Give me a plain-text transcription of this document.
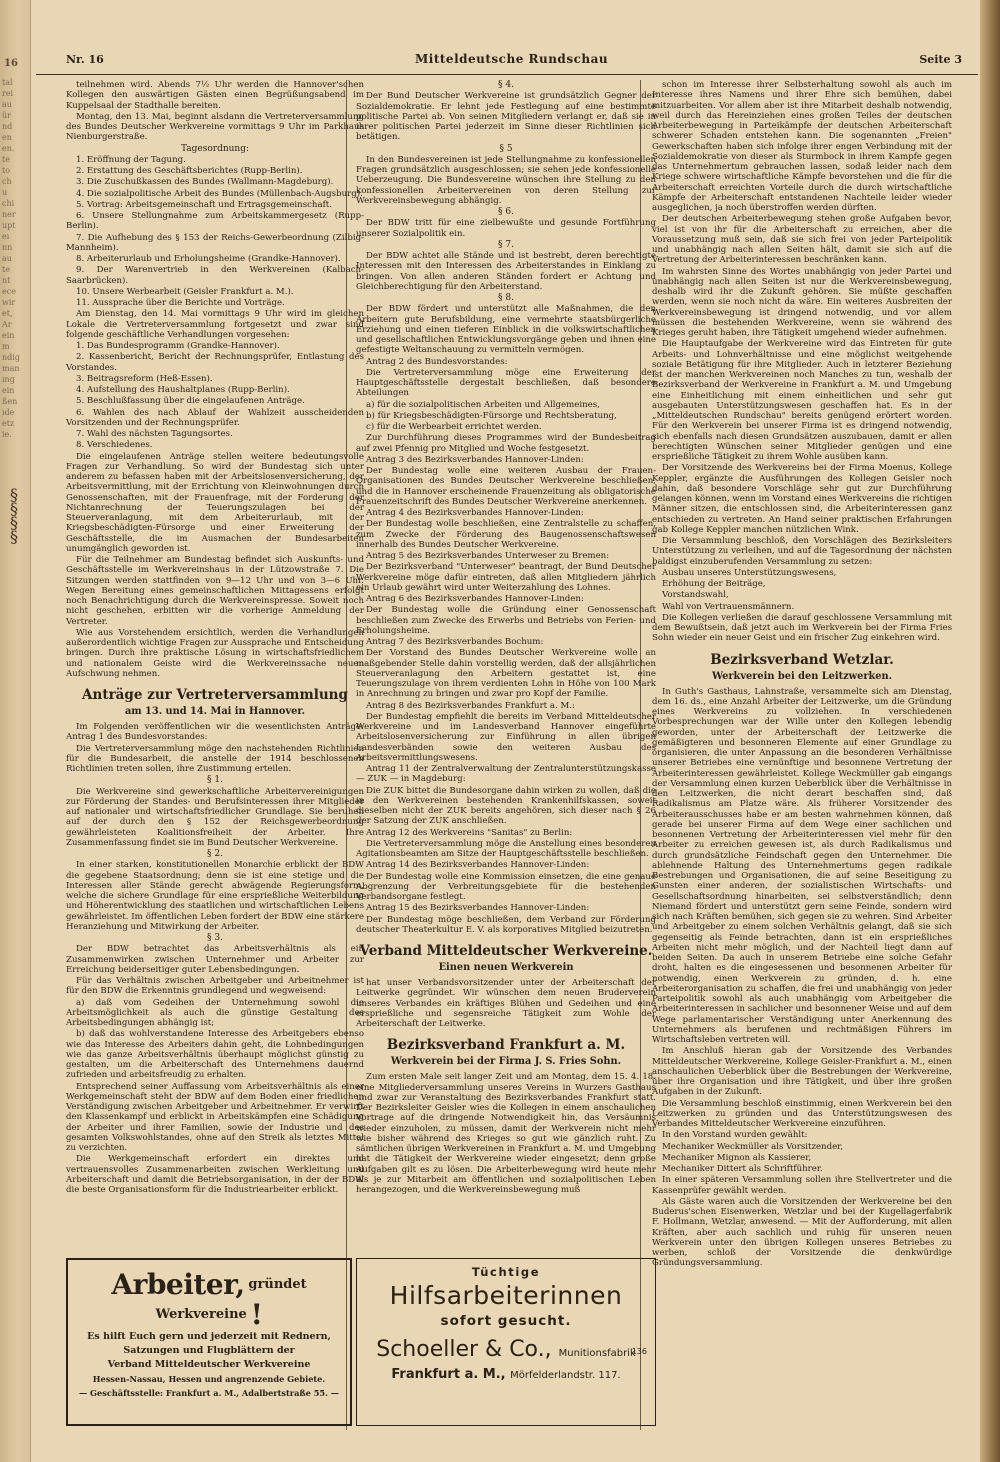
16
tal
rei
au
ür
nd
en
en.
te
to
ch
u
chi
ner
upt
eı
nn
au
te
nt
ece
wir
et,
Ar
ein
m
ndig
man
ıng
ein
ßen
ıde
etz
ie.
§
§
§
§
Nr. 16	Mitteldeutsche Rundschau	Seite 3

teilnehmen wird. Abends 7½ Uhr werden die Hannover'schen Kollegen den auswärtigen Gästen einen Begrüßungsabend im Kuppelsaal der Stadthalle bereiten.

Montag, den 13. Mai, beginnt alsdann die Vertreterversammlung des Bundes Deutscher Werkvereine vormittags 9 Uhr im Parkhaus Nienburgerstraße.

Tagesordnung:

1. Eröffnung der Tagung.

2. Erstattung des Geschäftsberichtes (Rupp-Berlin).

3. Die Zuschußkassen des Bundes (Wallmann-Magdeburg).

4. Die sozialpolitische Arbeit des Bundes (Müllenbach-Augsburg).

5. Vortrag: Arbeitsgemeinschaft und Ertragsgemeinschaft.

6. Unsere Stellungnahme zum Arbeitskammergesetz (Rupp-Berlin).

7. Die Aufhebung des § 153 der Reichs-Gewerbeordnung (Zilbig-Mannheim).

8. Arbeiterurlaub und Erholungsheime (Grandke-Hannover).

9. Der Warenvertrieb in den Werkvereinen (Kalbach-Saarbrücken).

10. Unsere Werbearbeit (Geisler Frankfurt a. M.).

11. Aussprache über die Berichte und Vorträge.

Am Dienstag, den 14. Mai vormittags 9 Uhr wird im gleichen Lokale die Vertreterversammlung fortgesetzt und zwar sind folgende geschäftliche Verhandlungen vorgesehen:

1. Das Bundesprogramm (Grandke-Hannover).

2. Kassenbericht, Bericht der Rechnungsprüfer, Entlastung des Vorstandes.

3. Beitragsreform (Heß-Essen).

4. Aufstellung des Haushaltplanes (Rupp-Berlin).

5. Beschlußfassung über die eingelaufenen Anträge.

6. Wahlen des nach Ablauf der Wahlzeit ausscheidenden Vorsitzenden und der Rechnungsprüfer.

7. Wahl des nächsten Tagungsortes.

8. Verschiedenes.

Die eingelaufenen Anträge stellen weitere bedeutungsvolle Fragen zur Verhandlung. So wird der Bundestag sich unter anderem zu befassen haben mit der Arbeitslosenversicherung, der Arbeitsvermittlung, mit der Errichtung von Kleinwohnungen durch Genossenschaften, mit der Frauenfrage, mit der Forderung der Nichtanrechnung der Teuerungszulagen bei der Steuerveranlagung, mit dem Arbeiterurlaub, mit der Kriegsbeschädigten-Fürsorge und einer Erweiterung der Geschäftsstelle, die im Ausmachen der Bundesarbeiten unumgänglich geworden ist.

Für die Teilnehmer am Bundestag befindet sich Auskunfts- und Geschäftsstelle im Werkvereinshaus in der Lützowstraße 7. Die Sitzungen werden stattfinden von 9—12 Uhr und von 3—6 Uhr. Wegen Bereitung eines gemeinschaftlichen Mittagessens erfolgt noch Benachrichtigung durch die Werkvereinspresse. Soweit noch nicht geschehen, erbitten wir die vorherige Anmeldung der Vertreter.

Wie aus Vorstehendem ersichtlich, werden die Verhandlungen außerordentlich wichtige Fragen zur Aussprache und Entscheidung bringen. Durch ihre praktische Lösung in wirtschaftsfriedlichem und nationalem Geiste wird die Werkvereinssache neuen Aufschwung nehmen.

Anträge zur Vertreterversammlung
am 13. und 14. Mai in Hannover.

Im Folgenden veröffentlichen wir die wesentlichsten Anträge: Antrag 1 des Bundesvorstandes:

Die Vertreterversammlung möge den nachstehenden Richtlinien für die Bundesarbeit, die anstelle der 1914 beschlossenen Richtlinien treten sollen, ihre Zustimmung erteilen.

§ 1.

Die Werkvereine sind gewerkschaftliche Arbeitervereinigungen zur Förderung der Standes- und Berufsinteressen ihrer Mitglieder auf nationaler und wirtschaftsfriedlicher Grundlage. Sie beruhen auf der durch den § 152 der Reichsgewerbeordnung gewährleisteten Koalitionsfreiheit der Arbeiter. Ihre Zusammenfassung findet sie im Bund Deutscher Werkvereine.

§ 2.

In einer starken, konstitutionellen Monarchie erblickt der BDW die gegebene Staatsordnung; denn sie ist eine stetige und die Interessen aller Stände gerecht abwägende Regierungsform, welche die sichere Grundlage für eine ersprießliche Weiterbildung und Höherentwicklung des staatlichen und wirtschaftlichen Lebens gewährleistet. Im öffentlichen Leben fordert der BDW eine stärkere Heranziehung und Mitwirkung der Arbeiter.

§ 3.

Der BDW betrachtet das Arbeitsverhältnis als ein Zusammenwirken zwischen Unternehmer und Arbeiter zur Erreichung beiderseitiger guter Lebensbedingungen.

Für das Verhältnis zwischen Arbeitgeber und Arbeitnehmer ist für den BDW die Erkenntnis grundlegend und wegweisend:

a) daß vom Gedeihen der Unternehmung sowohl die Arbeitsmöglichkeit als auch die günstige Gestaltung des Arbeitsbedingungen abhängig ist;

b) daß das wohlverstandene Interesse des Arbeitgebers ebenso wie das Interesse des Arbeiters dahin geht, die Lohnbedingungen wie das ganze Arbeitsverhältnis überhaupt möglichst günstig zu gestalten, um die Arbeiterschaft des Unternehmens dauernd zufrieden und arbeitsfreudig zu erhalten.

Entsprechend seiner Auffassung vom Arbeitsverhältnis als einer Werkgemeinschaft steht der BDW auf dem Boden einer friedlichen Verständigung zwischen Arbeitgeber und Arbeitnehmer. Er verwirft den Klassenkampf und erblickt in Arbeitskämpfen eine Schädigung der Arbeiter und ihrer Familien, sowie der Industrie und des gesamten Volkswohlstandes, ohne auf den Streik als letztes Mittel zu verzichten.

Die Werkgemeinschaft erfordert ein direktes und vertrauensvolles Zusammenarbeiten zwischen Werkleitung und Arbeiterschaft und damit die Betriebsorganisation, in der der BDW die beste Organisationsform für die Industriearbeiter erblickt.

§ 4.

Der Bund Deutscher Werkvereine ist grundsätzlich Gegner der Sozialdemokratie. Er lehnt jede Festlegung auf eine bestimmte politische Partei ab. Von seinen Mitgliedern verlangt er, daß sie in ihrer politischen Partei jederzeit im Sinne dieser Richtlinien sich betätigen.

§ 5

In den Bundesvereinen ist jede Stellungnahme zu konfessionellen Fragen grundsätzlich ausgeschlossen; sie sehen jede konfessionelle Ueberzeugung. Die Bundesvereine wünschen ihre Stellung zu den konfessionellen Arbeitervereinen von deren Stellung zur Werkvereinsbewegung abhängig.

§ 6.

Der BDW tritt für eine zielbewußte und gesunde Fortführung unserer Sozialpolitik ein.

§ 7.

Der BDW achtet alle Stände und ist bestrebt, deren berechtigte Interessen mit den Interessen des Arbeiterstandes in Einklang zu bringen. Von allen anderen Ständen fordert er Achtung und Gleichberechtigung für den Arbeiterstand.

§ 8.

Der BDW fördert und unterstützt alle Maßnahmen, die den Arbeitern gute Berufsbildung, eine vermehrte staatsbürgerliche Erziehung und einen tieferen Einblick in die volkswirtschaftlichen und gesellschaftlichen Entwicklungsvorgänge geben und ihnen eine gefestigte Weltanschauung zu vermitteln vermögen.

Antrag 2 des Bundesvorstandes:

Die Vertreterversammlung möge eine Erweiterung der Hauptgeschäftsstelle dergestalt beschließen, daß besondere Abteilungen

a) für die sozialpolitischen Arbeiten und Allgemeines,

b) für Kriegsbeschädigten-Fürsorge und Rechtsberatung,

c) für die Werbearbeit errichtet werden.

Zur Durchführung dieses Programmes wird der Bundesbeitrag auf zwei Pfennig pro Mitglied und Woche festgesetzt.

Antrag 3 des Bezirksverbandes Hannover-Linden:

Der Bundestag wolle eine weiteren Ausbau der Frauen-Organisationen des Bundes Deutscher Werkvereine beschließen, und die in Hannover erscheinende Frauenzeitung als obligatorische Frauenzeitschrift des Bundes Deutscher Werkvereine anerkennen.

Antrag 4 des Bezirksverbandes Hannover-Linden:

Der Bundestag wolle beschließen, eine Zentralstelle zu schaffen, zum Zwecke der Förderung des Baugenossenschaftswesen innerhalb des Bundes Deutscher Werkvereine.

Antrag 5 des Bezirksverbandes Unterweser zu Bremen:

Der Bezirksverband "Unterweser" beantragt, der Bund Deutscher Werkvereine möge dafür eintreten, daß allen Mitgliedern jährlich ein Urlaub gewährt wird unter Weiterzahlung des Lohnes.

Antrag 6 des Bezirksverbandes Hannover-Linden:

Der Bundestag wolle die Gründung einer Genossenschaft beschließen zum Zwecke des Erwerbs und Betriebs von Ferien- und Erholungsheime.

Antrag 7 des Bezirksverbandes Bochum:

Der Vorstand des Bundes Deutscher Werkvereine wolle an maßgebender Stelle dahin vorstellig werden, daß der allsjährlichen Steuerveranlagung den Arbeitern gestattet ist, eine Teuerungszulage von ihrem verdienten Lohn in Höhe von 100 Mark in Anrechnung zu bringen und zwar pro Kopf der Familie.

Antrag 8 des Bezirksverbandes Frankfurt a. M.:

Der Bundestag empfiehlt die bereits im Verband Mitteldeutscher Werkvereine und im Landesverband Hannover eingeführte Arbeitslosenversicherung zur Einführung in allen übrigen Landesverbänden sowie den weiteren Ausbau des Arbeitsvermittlungswesens.

Antrag 11 der Zentralverwaltung der Zentralunterstützungskasse — ZUK — in Magdeburg:

Die ZUK bittet die Bundesorgane dahin wirken zu wollen, daß die in den Werkvereinen bestehenden Krankenhilfskassen, soweit dieselben nicht der ZUK bereits angehören, sich dieser nach § 26 der Satzung der ZUK anschließen.

Antrag 12 des Werkvereins "Sanitas" zu Berlin:

Die Vertreterversammlung möge die Anstellung eines besonderen Agitationsbeamten am Sitze der Hauptgeschäftsstelle beschließen.

Antrag 14 des Bezirksverbandes Hannover-Linden:

Der Bundestag wolle eine Kommission einsetzen, die eine genaue Abgrenzung der Verbreitungsgebiete für die bestehenden Verbandsorgane festlegt.

Antrag 15 des Bezirksverbandes Hannover-Linden:

Der Bundestag möge beschließen, dem Verband zur Förderung deutscher Theaterkultur E. V. als korporatives Mitglied beizutreten.

Verband Mitteldeutscher Werkvereine.
Einen neuen Werkverein

hat unser Verbandsvorsitzender unter der Arbeiterschaft der Leitwerke gegründet. Wir wünschen dem neuen Bruderverein unseres Verbandes ein kräftiges Blühen und Gedeihen und eine ersprießliche und segensreiche Tätigkeit zum Wohle der Arbeiterschaft der Leitwerke.

Bezirksverband Frankfurt a. M.
Werkverein bei der Firma J. S. Fries Sohn.

Zum ersten Male seit langer Zeit und am Montag, dem 15. 4. 18. eine Mitgliederversammlung unseres Vereins in Wurzers Gasthaus und zwar zur Veranstaltung des Bezirksverbandes Frankfurt statt. Der Bezirksleiter Geisler wies die Kollegen in einem anschaulichen Vortrage auf die dringende Notwendigkeit hin, das Versäumnis wieder einzuholen, zu müssen, damit der Werkverein nicht mehr wie bisher während des Krieges so gut wie gänzlich ruht. Zu sämtlichen übrigen Werkvereinen in Frankfurt a. M. und Umgebung hat die Tätigkeit der Werkvereine wieder eingesetzt; denn große Aufgaben gilt es zu lösen. Die Arbeiterbewegung wird heute mehr als je zur Mitarbeit am öffentlichen und sozialpolitischen Leben herangezogen, und die Werkvereinsbewegung muß

schon im Interesse ihrer Selbsterhaltung sowohl als auch im Interesse ihres Namens und ihrer Ehre sich bemühen, dabei mitzuarbeiten. Vor allem aber ist ihre Mitarbeit deshalb notwendig, weil durch das Hereinziehen eines großen Teiles der deutschen Arbeiterbewegung in Parteikämpfe der deutschen Arbeiterschaft schwerer Schaden entstehen kann. Die sogenannten „Freien" Gewerkschaften haben sich infolge ihrer engen Verbindung mit der Sozialdemokratie von dieser als Sturmbock in ihrem Kampfe gegen das Unternehmertum gebrauchen lassen, sodaß leider nach dem Kriege schwere wirtschaftliche Kämpfe bevorstehen und die für die Arbeiterschaft erreichten Vorteile durch die durch wirtschaftliche Kämpfe der Arbeiterschaft entstandenen Nachteile leider wieder ausgeglichen, ja noch überstroffen werden dürften.

Der deutschen Arbeiterbewegung stehen große Aufgaben bevor, viel ist von ihr für die Arbeiterschaft zu erreichen, aber die Voraussetzung muß sein, daß sie sich frei von jeder Parteipolitik und unabhängig nach allen Seiten hält, damit sie sich auf die Vertretung der Arbeiterinteressen beschränken kann.

Im wahrsten Sinne des Wortes unabhängig von jeder Partei und unabhängig nach allen Seiten ist nur die Werkvereinsbewegung, deshalb wird ihr die Zukunft gehören. Sie müßte geschaffen werden, wenn sie noch nicht da wäre. Ein weiteres Ausbreiten der Werkvereinsbewegung ist dringend notwendig, und vor allem müssen die bestehenden Werkvereine, wenn sie während des Krieges geruht haben, ihre Tätigkeit umgehend wieder aufnehmen.

Die Hauptaufgabe der Werkvereine wird das Eintreten für gute Arbeits- und Lohnverhältnisse und eine möglichst weitgehende soziale Betätigung für ihre Mitglieder. Auch in letzterer Beziehung ist der manchen Werkvereinen noch Manches zu tun, weshalb der Bezirksverband der Werkvereine in Frankfurt a. M. und Umgebung eine Einheitlichung mit einem einheitlichen und sehr gut ausgebauten Unterstützungswesen geschaffen hat. Es in der „Mitteldeutschen Rundschau" bereits genügend erörtert worden. Für den Werkverein bei unserer Firma ist es dringend notwendig, sich ebenfalls nach diesen Grundsätzen auszubauen, damit er allen berechtigten Wünschen seiner Mitglieder genügen und eine ersprießliche Tätigkeit zu ihrem Wohle ausüben kann.

Der Vorsitzende des Werkvereins bei der Firma Moenus, Kollege Keppler, ergänzte die Ausführungen des Kollegen Geisler noch dahin, daß besondere Vorschläge sehr gut zur Durchführung gelangen können, wenn im Vorstand eines Werkvereins die richtigen Männer sitzen, die entschlossen sind, die Arbeiterinteressen ganz entschieden zu vertreten. An Hand seiner praktischen Erfahrungen gab Kollege Keppler manchen nützlichen Wink.

Die Versammlung beschloß, den Vorschlägen des Bezirksleiters Unterstützung zu verleihen, und auf die Tagesordnung der nächsten baldigst einzuberufenden Versammlung zu setzen:

Ausbau unseres Unterstützungswesens,

Erhöhung der Beiträge,

Vorstandswahl,

Wahl von Vertrauensmännern.

Die Kollegen verließen die darauf geschlossene Versammlung mit dem Bewußtsein, daß jetzt auch im Werkverein bei der Firma Fries Sohn wieder ein neuer Geist und ein frischer Zug einkehren wird.

Bezirksverband Wetzlar.
Werkverein bei den Leitzwerken.

In Guth's Gasthaus, Lahnstraße, versammelte sich am Dienstag, dem 16. ds., eine Anzahl Arbeiter der Leitzwerke, um die Gründung eines Werkvereins zu vollziehen. In verschiedenen Vorbesprechungen war der Wille unter den Kollegen lebendig geworden, unter der Arbeiterschaft der Leitzwerke die gemäßigteren und besonneren Elemente auf einer Grundlage zu organisieren, die unter Anpassung an die besonderen Verhältnisse unserer Betriebes eine vernünftige und besonnene Vertretung der Arbeiterinteressen gewährleistet. Kollege Weckmüller gab eingangs der Versammlung einen kurzen Ueberblick über die Verhältnisse in den Leitzwerken, die nicht derart beschaffen sind, daß Radikalismus am Platze wäre. Als früherer Vorsitzender des Arbeiterausschusses habe er am besten wahrnehmen können, daß gerade bei unserer Firma auf dem Wege einer sachlichen und besonnenen Vertretung der Arbeiterinteressen viel mehr für den Arbeiter zu erreichen gewesen ist, als durch Radikalismus und durch grundsätzliche Feindschaft gegen den Unternehmer. Die ablehnende Haltung des Unternehmertums gegen radikale Bestrebungen und Organisationen, die auf seine Beseitigung zu Gunsten einer anderen, der sozialistischen Wirtschafts- und Gesellschaftsordnung hinarbeiten, sei selbstverständlich; denn Niemand fördert und unterstützt gern seine Feinde, sondern wird sich nach Kräften bemühen, sich gegen sie zu wehren. Sind Arbeiter und Arbeitgeber zu einem solchen Verhältnis gelangt, daß sie sich gegenseitig als Feinde betrachten, dann ist ein ersprießliches Arbeiten nicht mehr möglich, und der Nachteil liegt dann auf beiden Seiten. Da auch in unserem Betriebe eine solche Gefahr droht, halten es die eingesessenen und besonnenen Arbeiter für notwendig, einen Werkverein zu gründen, d. h. eine Arbeiterorganisation zu schaffen, die frei und unabhängig von jeder Parteipolitik sowohl als auch unabhängig vom Arbeitgeber die Arbeiterinteressen in sachlicher und besonnener Weise und auf dem Wege parlamentarischer Verständigung unter Anerkennung des Unternehmers als berufenen und rechtmäßigen Führers im Wirtschaftsleben vertreten will.

Im Anschluß hieran gab der Vorsitzende des Verbandes Mitteldeutscher Werkvereine, Kollege Geisler-Frankfurt a. M., einen anschaulichen Ueberblick über die Bestrebungen der Werkvereine, über ihre Organisation und ihre Tätigkeit, und über ihre großen Aufgaben in der Zukunft.

Die Versammlung beschloß einstimmig, einen Werkverein bei den Leitzwerken zu gründen und das Unterstützungswesen des Verbandes Mitteldeutscher Werkvereine einzuführen.

In den Vorstand wurden gewählt:

Mechaniker Weckmüller als Vorsitzender,

Mechaniker Mignon als Kassierer,

Mechaniker Dittert als Schriftführer.

In einer späteren Versammlung sollen ihre Stellvertreter und die Kassenprüfer gewählt werden.

Als Gäste waren auch die Vorsitzenden der Werkvereine bei den Buderus'schen Eisenwerken, Wetzlar und bei der Kugellagerfabrik F. Hollmann, Wetzlar, anwesend. — Mit der Aufforderung, mit allen Kräften, aber auch sachlich und ruhig für unseren neuen Werkverein unter den übrigen Kollegen unseres Betriebes zu werben, schloß der Vorsitzende die denkwürdige Gründungsversammlung.

Arbeiter, gründet Werkvereine !
Es hilft Euch gern und jederzeit mit Rednern,
Satzungen und Flugblättern der
Verband Mitteldeutscher Werkvereine
Hessen-Nassau, Hessen und angrenzende Gebiete.
— Geschäftsstelle: Frankfurt a. M., Adalbertstraße 55. —
Tüchtige
Hilfsarbeiterinnen
sofort gesucht.
136
Schoeller & Co., Munitionsfabrik
Frankfurt a. M., Mörfelderlandstr. 117.
